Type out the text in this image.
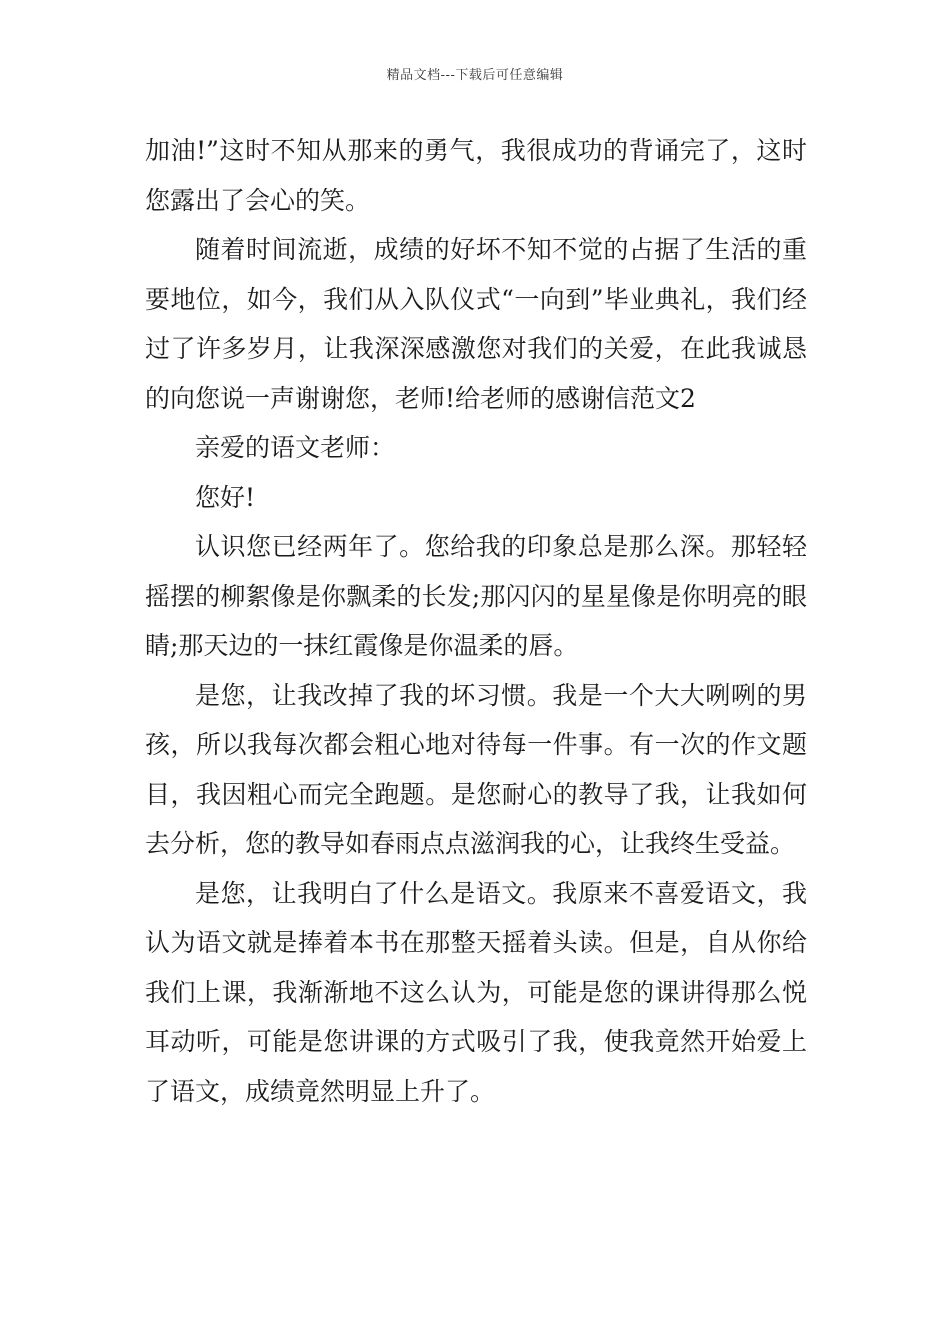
精品文档---下载后可任意编辑

加油!”这时不知从那来的勇气，我很成功的背诵完了，这时您露出了会心的笑。

随着时间流逝，成绩的好坏不知不觉的占据了生活的重要地位，如今，我们从入队仪式“一向到”毕业典礼，我们经过了许多岁月，让我深深感激您对我们的关爱，在此我诚恳的向您说一声谢谢您，老师!给老师的感谢信范文2

亲爱的语文老师：

您好!

认识您已经两年了。您给我的印象总是那么深。那轻轻摇摆的柳絮像是你飘柔的长发;那闪闪的星星像是你明亮的眼睛;那天边的一抹红霞像是你温柔的唇。

是您，让我改掉了我的坏习惯。我是一个大大咧咧的男孩，所以我每次都会粗心地对待每一件事。有一次的作文题目，我因粗心而完全跑题。是您耐心的教导了我，让我如何去分析，您的教导如春雨点点滋润我的心，让我终生受益。

是您，让我明白了什么是语文。我原来不喜爱语文，我认为语文就是捧着本书在那整天摇着头读。但是，自从你给我们上课，我渐渐地不这么认为，可能是您的课讲得那么悦耳动听，可能是您讲课的方式吸引了我，使我竟然开始爱上了语文，成绩竟然明显上升了。
